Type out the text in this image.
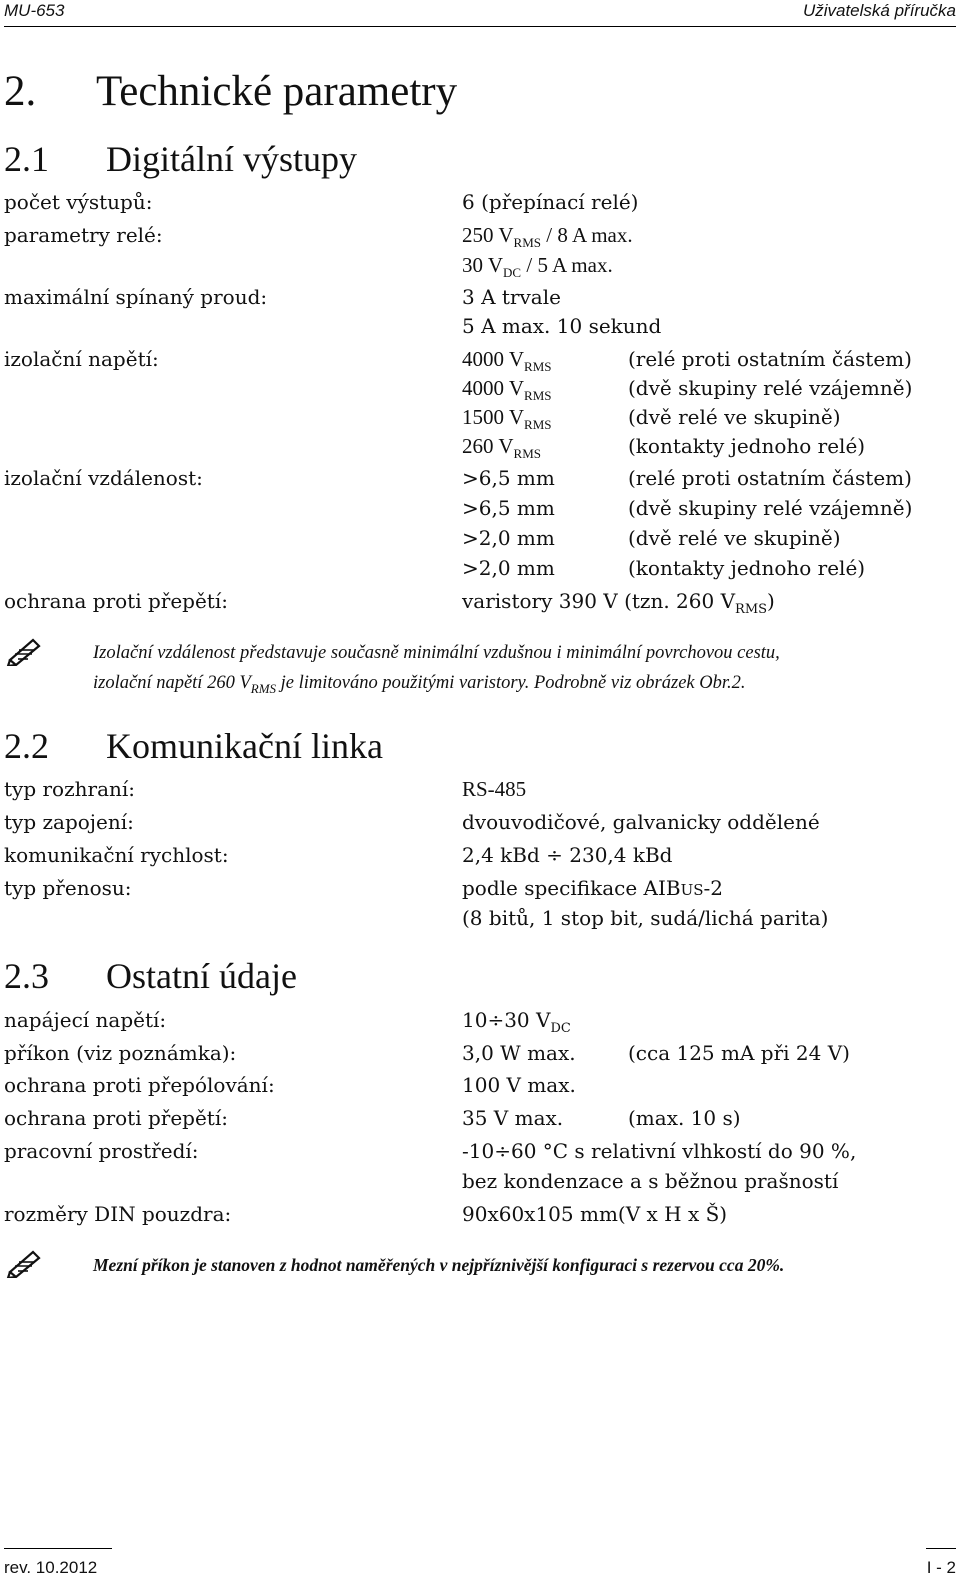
MU-653	Uživatelská příručka
2. Technické parametry
2.1 Digitální výstupy
počet výstupů:	6 (přepínací relé)
parametry relé:	250 $V_{RMS} / 8$ A max.
30 $V_{DC} / 5$ A max.
maximální spínaný proud:	3 A trvale
5 A max. 10 sekund
izolační napětí:	4000 $V_{RMS}$	(relé proti ostatním částem)
4000 $V_{RMS}$	(dvě skupiny relé vzájemně)
1500 $V_{RMS}$	(dvě relé ve skupině)
260 $V_{RMS}$	(kontakty jednoho relé)
izolační vzdálenost:	>6,5 mm	(relé proti ostatním částem)
>6,5 mm	(dvě skupiny relé vzájemně)
>2,0 mm	(dvě relé ve skupině)
>2,0 mm	(kontakty jednoho relé)
ochrana proti přepětí:	varistory 390 V (tzn. 260 $V_{RMS}$)
Izolační vzdálenost představuje současně minimální vzdušnou i minimální povrchovou cestu,
izolační napětí 260 $V_{RMS}$ je limitováno použitými varistory. Podrobně viz obrázek Obr.2.
2.2 Komunikační linka
typ rozhraní:	RS-485
typ zapojení:	dvouvodičové, galvanicky oddělené
komunikační rychlost:	2,4 kBd ÷ 230,4 kBd
typ přenosu:	podle specifikace AIBUS-2
(8 bitů, 1 stop bit, sudá/lichá parita)
2.3 Ostatní údaje
napájecí napětí:	10÷30 $V_{DC}$
příkon (viz poznámka):	3,0 W max.	(cca 125 mA při 24 V)
ochrana proti přepólování:	100 V max.
ochrana proti přepětí:	35 V max.	(max. 10 s)
pracovní prostředí:	-10÷60 °C s relativní vlhkostí do 90 %,
bez kondenzace a s běžnou prašností
rozměry DIN pouzdra:	90x60x105 mm(V x H x Š)
Mezní příkon je stanoven z hodnot naměřených v nejpříznivější konfiguraci s rezervou cca 20%.
rev. 10.2012	I - 2
